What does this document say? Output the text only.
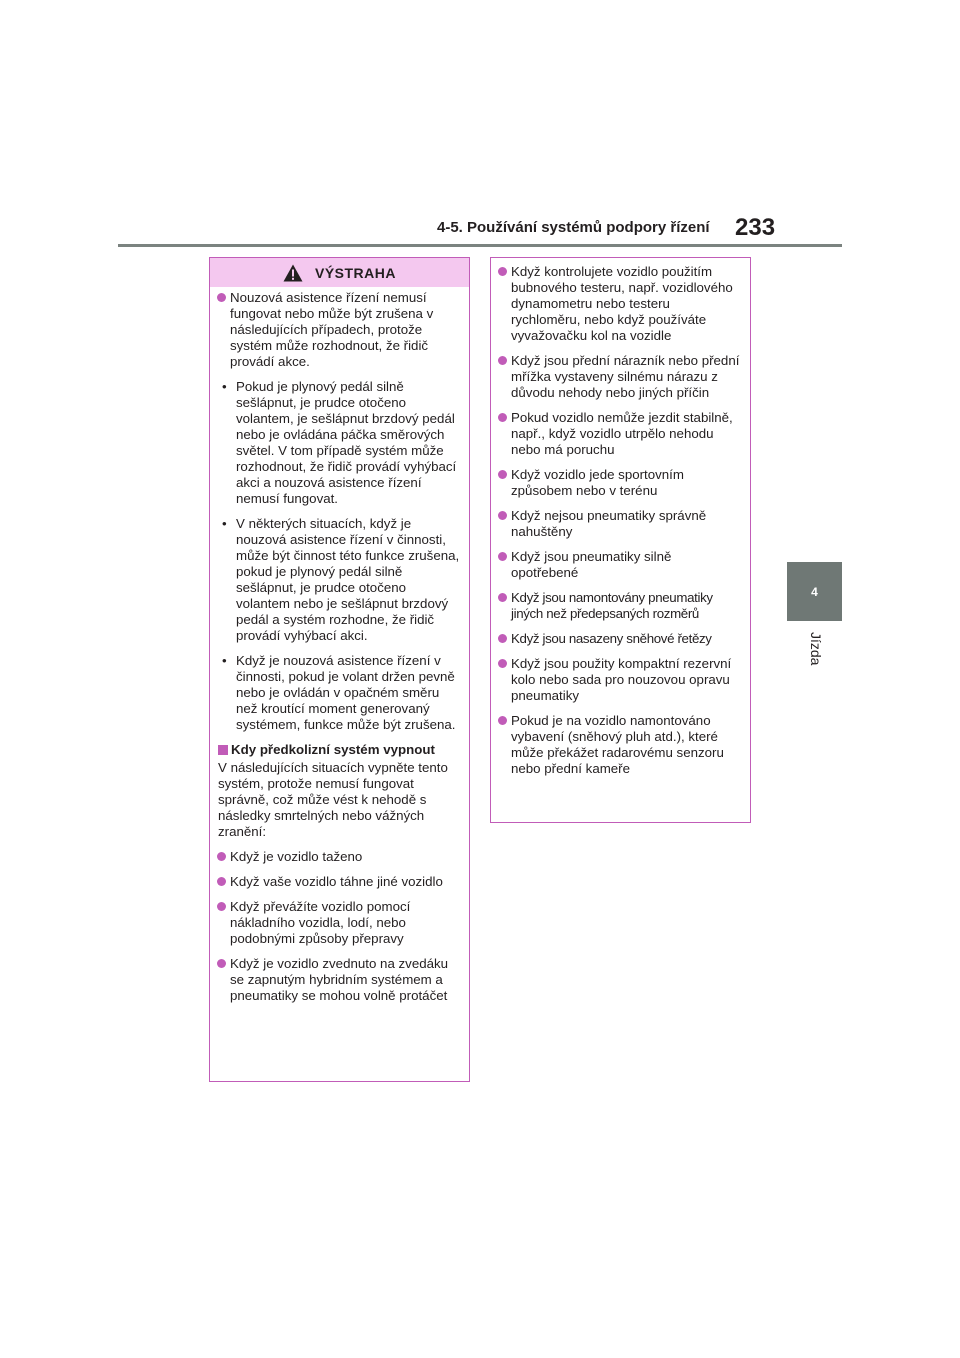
4-5. Používání systémů podpory řízení 233
4
Jízda
VÝSTRAHA
Nouzová asistence řízení nemusí fungovat nebo může být zrušena v následujících případech, protože systém může rozhodnout, že řidič provádí akce.
• Pokud je plynový pedál silně sešlápnut, je prudce otočeno volantem, je sešlápnut brzdový pedál nebo je ovládána páčka směrových světel. V tom případě systém může rozhodnout, že řidič provádí vyhýbací akci a nouzová asistence řízení nemusí fungovat.
• V některých situacích, když je nouzová asistence řízení v činnosti, může být činnost této funkce zrušena, pokud je plynový pedál silně sešlápnut, je prudce otočeno volantem nebo je sešlápnut brzdový pedál a systém rozhodne, že řidič provádí vyhýbací akci.
• Když je nouzová asistence řízení v činnosti, pokud je volant držen pevně nebo je ovládán v opačném směru než kroutící moment generovaný systémem, funkce může být zrušena.
Kdy předkolizní systém vypnout
V následujících situacích vypněte tento systém, protože nemusí fungovat správně, což může vést k nehodě s následky smrtelných nebo vážných zranění:
Když je vozidlo taženo
Když vaše vozidlo táhne jiné vozidlo
Když převážíte vozidlo pomocí nákladního vozidla, lodí, nebo podobnými způsoby přepravy
Když je vozidlo zvednuto na zvedáku se zapnutým hybridním systémem a pneumatiky se mohou volně protáčet
Když kontrolujete vozidlo použitím bubnového testeru, např. vozidlového dynamometru nebo testeru rychloměru, nebo když používáte vyvažovačku kol na vozidle
Když jsou přední nárazník nebo přední mřížka vystaveny silnému nárazu z důvodu nehody nebo jiných příčin
Pokud vozidlo nemůže jezdit stabilně, např., když vozidlo utrpělo nehodu nebo má poruchu
Když vozidlo jede sportovním způsobem nebo v terénu
Když nejsou pneumatiky správně nahuštěny
Když jsou pneumatiky silně opotřebené
Když jsou namontovány pneumatiky jiných než předepsaných rozměrů
Když jsou nasazeny sněhové řetězy
Když jsou použity kompaktní rezervní kolo nebo sada pro nouzovou opravu pneumatiky
Pokud je na vozidlo namontováno vybavení (sněhový pluh atd.), které může překážet radarovému senzoru nebo přední kameře
